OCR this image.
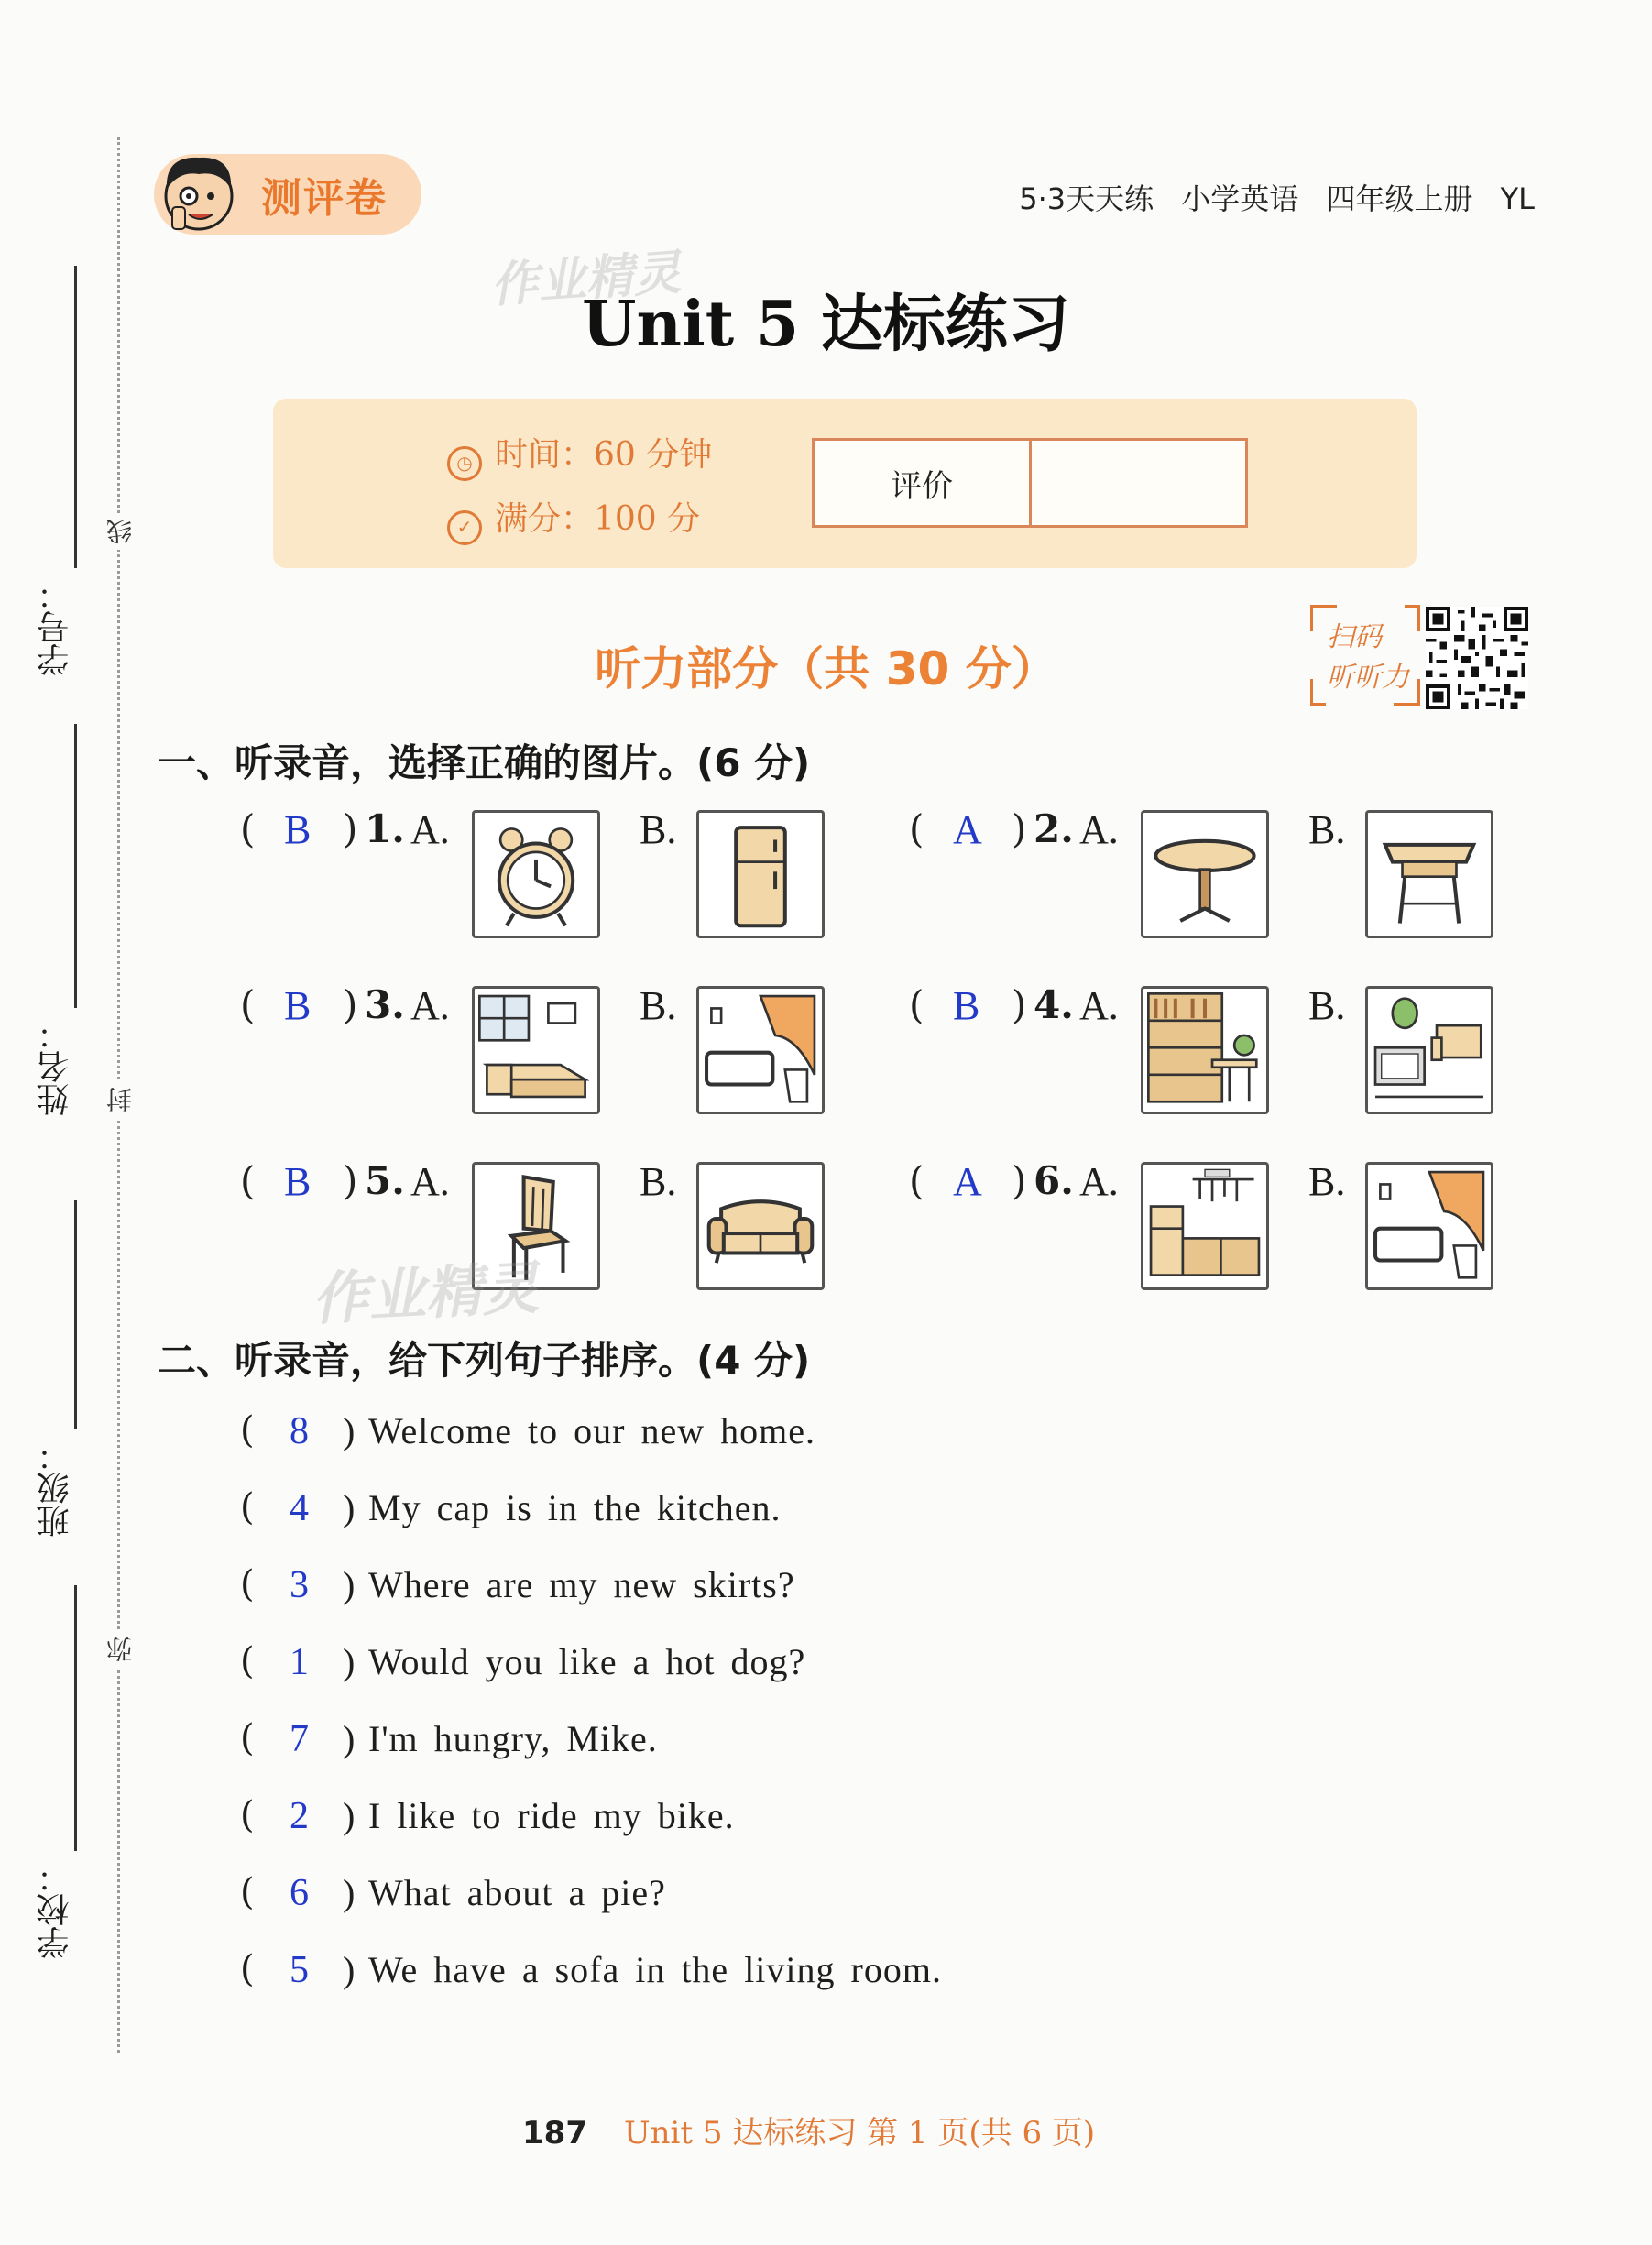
线
封
弥
学号：
姓名：
班级：
学校：
测评卷	5·3天天练 小学英语 四年级上册 YL
作业精灵
Unit 5 达标练习
◷ 时间：60 分钟
✓ 满分：100 分
评价
听力部分（共 30 分）
扫码
听听力
一、听录音，选择正确的图片。(6 分)
( B ) 1. A.	B.	( A ) 2. A.	B.
( B ) 3. A.	B.	( B ) 4. A.	B.
( B ) 5. A.	B.	( A ) 6. A.	B.
作业精灵
二、听录音，给下列句子排序。(4 分)
( 8 ) Welcome to our new home.
( 4 ) My cap is in the kitchen.
( 3 ) Where are my new skirts?
( 1 ) Would you like a hot dog?
( 7 ) I'm hungry, Mike.
( 2 ) I like to ride my bike.
( 6 ) What about a pie?
( 5 ) We have a sofa in the living room.
187 Unit 5 达标练习 第 1 页(共 6 页)
